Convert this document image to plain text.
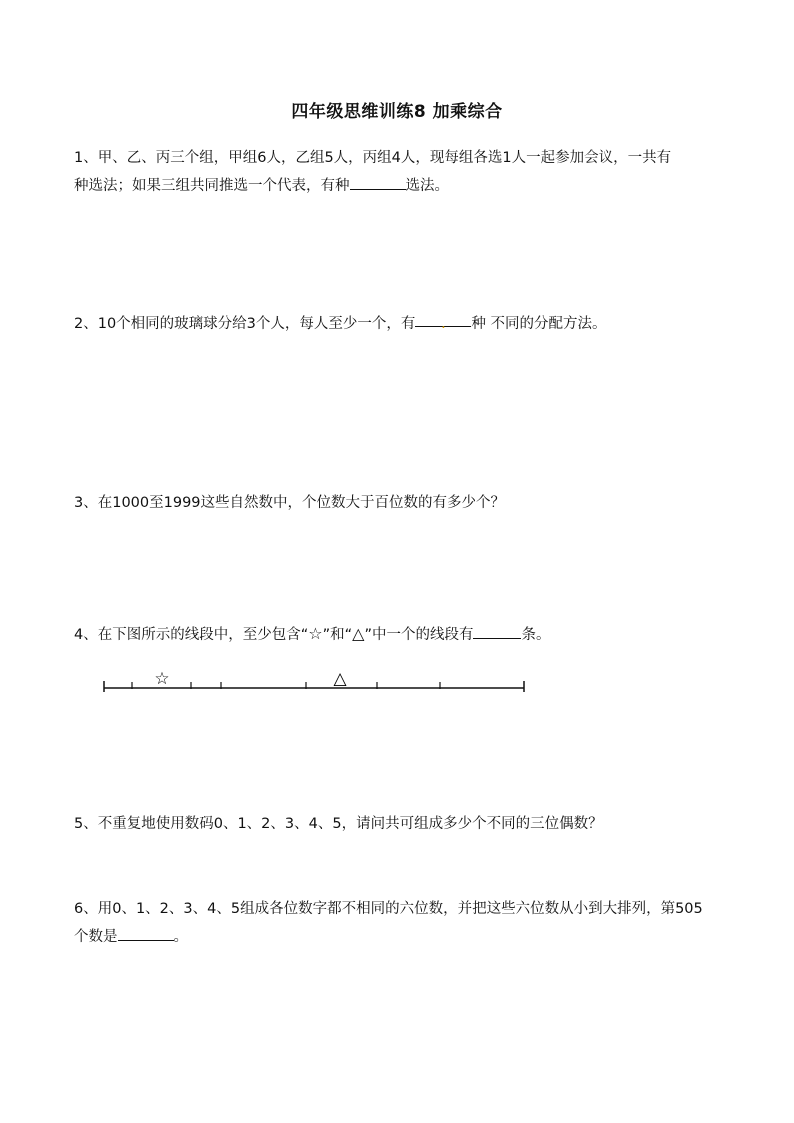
四年级思维训练8 加乘综合
1、甲、乙、丙三个组，甲组6人，乙组5人，丙组4人，现每组各选1人一起参加会议，一共有
种选法；如果三组共同推选一个代表，有种	选法。
2、10个相同的玻璃球分给3个人，每人至少一个，有 . 种 不同的分配方法。
3、在1000至1999这些自然数中，个位数大于百位数的有多少个？
4、在下图所示的线段中，至少包含“☆”和“△”中一个的线段有	条。
☆	△
5、不重复地使用数码0、1、2、3、4、5，请问共可组成多少个不同的三位偶数？
6、用0、1、2、3、4、5组成各位数字都不相同的六位数，并把这些六位数从小到大排列，第505
个数是	。
